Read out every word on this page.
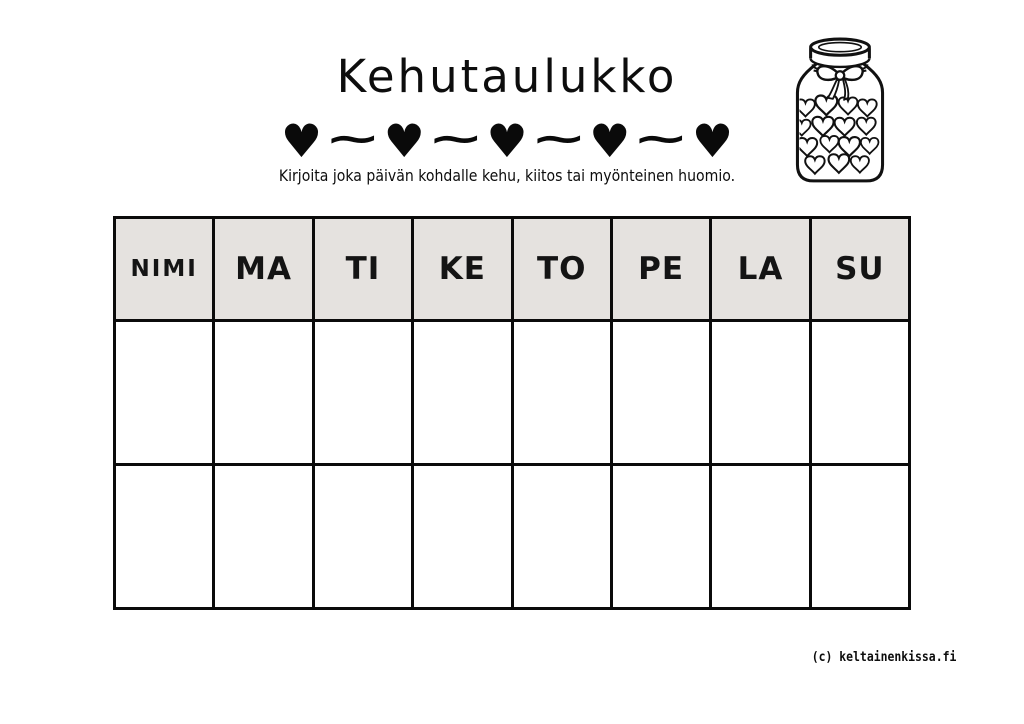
Kehutaulukko
♥~♥~♥~♥~♥
Kirjoita joka päivän kohdalle kehu, kiitos tai myönteinen huomio.
NIMI	MA	TI	KE	TO	PE	LA	SU

(c) keltainenkissa.fi
